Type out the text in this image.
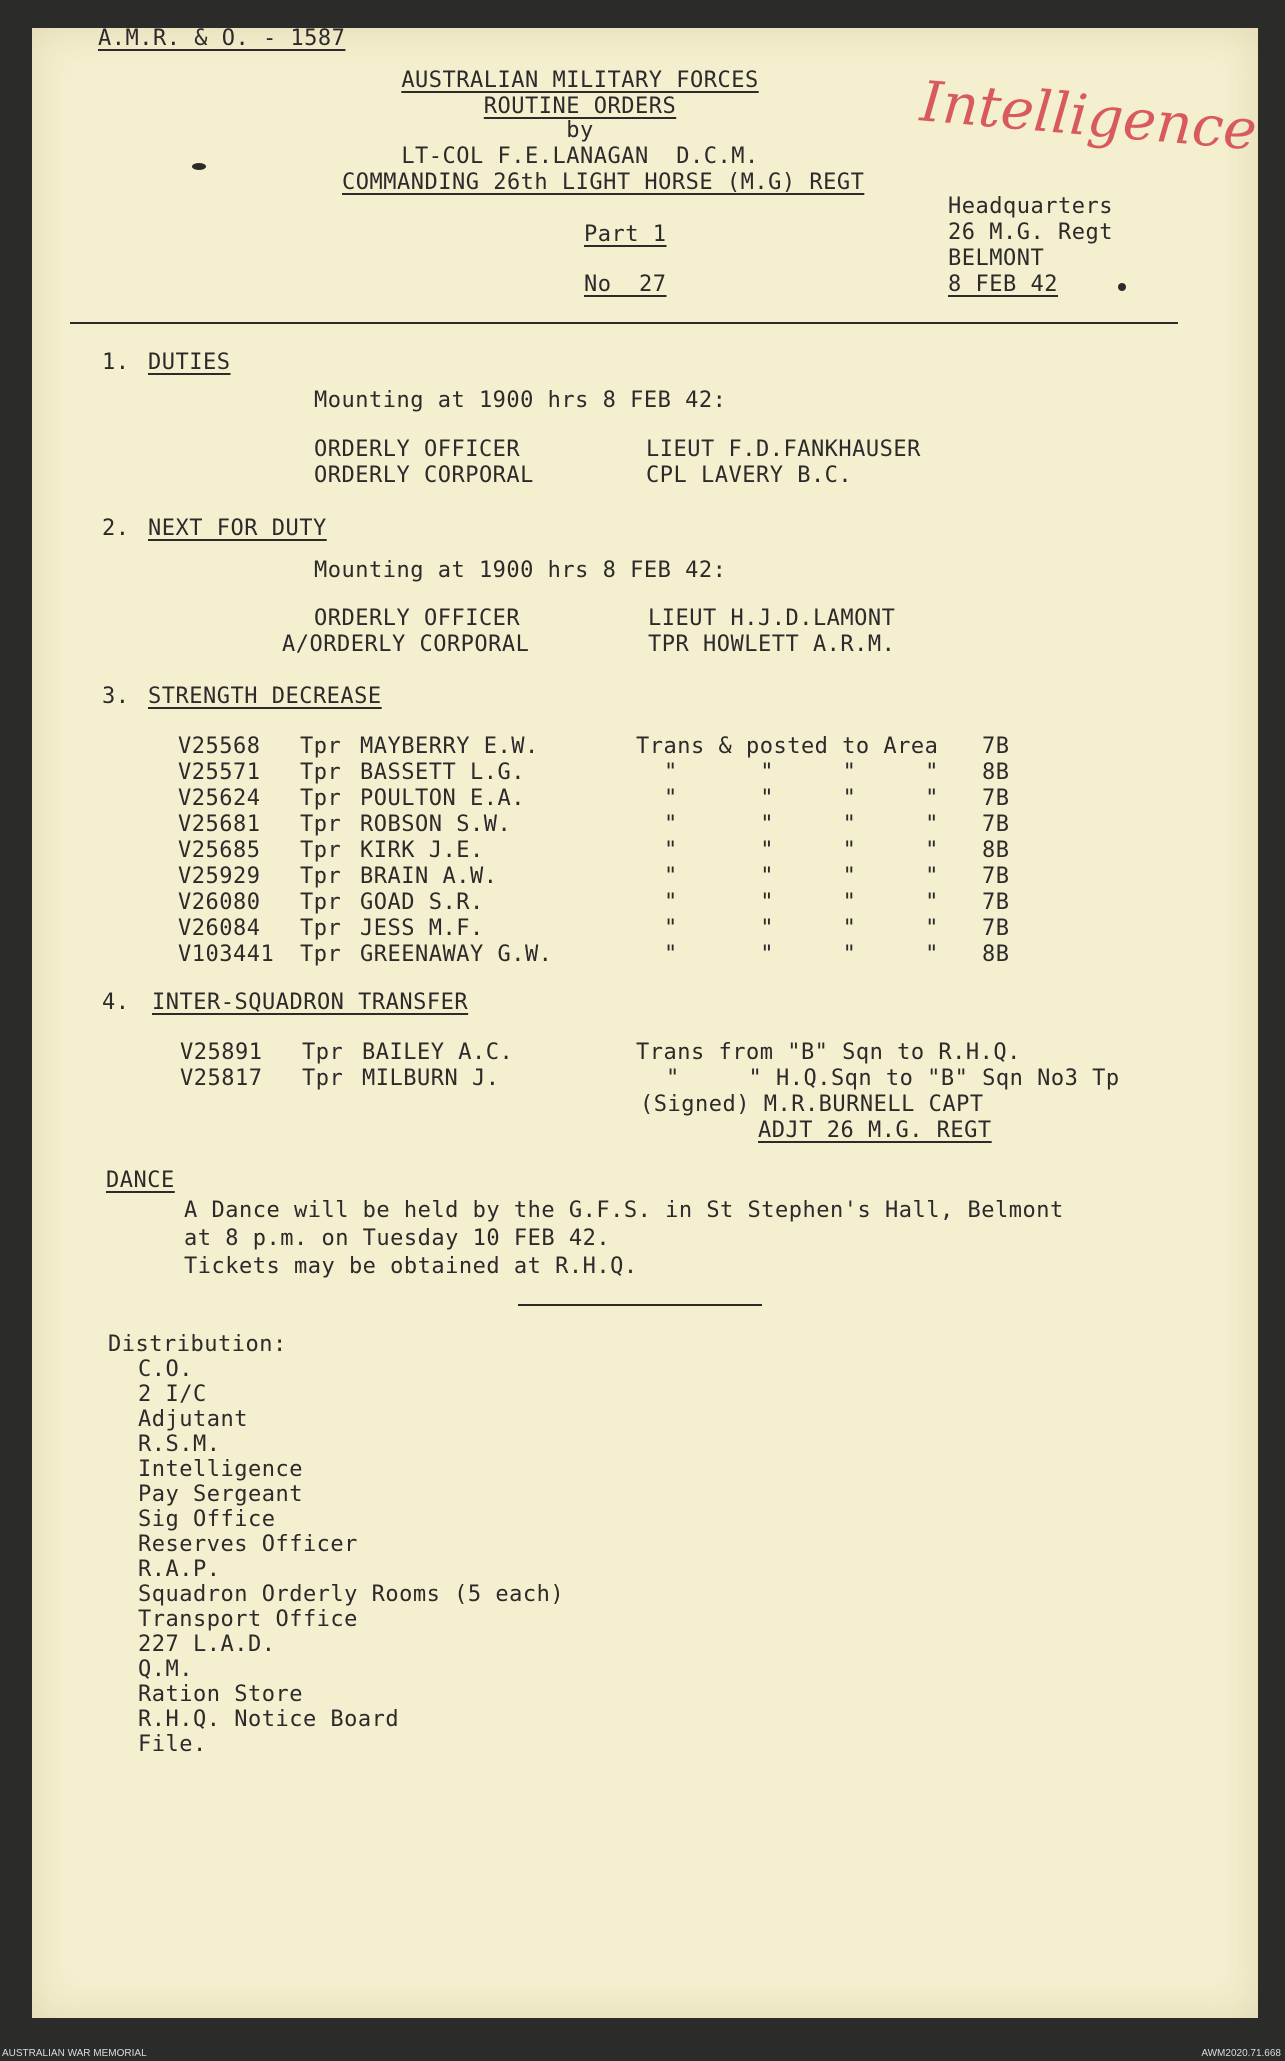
A.M.R. & O. - 1587
AUSTRALIAN MILITARY FORCES
ROUTINE ORDERS
by
LT-COL F.E.LANAGAN  D.C.M.
COMMANDING 26th LIGHT HORSE (M.G) REGT
Part 1
No  27
Headquarters
26 M.G. Regt
BELMONT
8 FEB 42
Intelligence
1. DUTIES
Mounting at 1900 hrs 8 FEB 42:
ORDERLY OFFICER	LIEUT F.D.FANKHAUSER
ORDERLY CORPORAL	CPL LAVERY B.C.
2. NEXT FOR DUTY
Mounting at 1900 hrs 8 FEB 42:
ORDERLY OFFICER	LIEUT H.J.D.LAMONT
A/ORDERLY CORPORAL	TPR HOWLETT A.R.M.
3. STRENGTH DECREASE
V25568 Tpr MAYBERRY E.W.	Trans & posted to Area 7B
V25571 Tpr BASSETT L.G.	"      "     "     " 8B
V25624 Tpr POULTON E.A.	"      "     "     " 7B
V25681 Tpr ROBSON S.W.	"      "     "     " 7B
V25685 Tpr KIRK J.E.	"      "     "     " 8B
V25929 Tpr BRAIN A.W.	"      "     "     " 7B
V26080 Tpr GOAD S.R.	"      "     "     " 7B
V26084 Tpr JESS M.F.	"      "     "     " 7B
V103441 Tpr GREENAWAY G.W.	"      "     "     " 8B
4. INTER-SQUADRON TRANSFER
V25891 Tpr BAILEY A.C.	Trans from "B" Sqn to R.H.Q.
V25817 Tpr MILBURN J.	"     " H.Q.Sqn to "B" Sqn No3 Tp
(Signed) M.R.BURNELL CAPT
ADJT 26 M.G. REGT
DANCE
A Dance will be held by the G.F.S. in St Stephen's Hall, Belmont
at 8 p.m. on Tuesday 10 FEB 42.
Tickets may be obtained at R.H.Q.
Distribution:
C.O.
2 I/C
Adjutant
R.S.M.
Intelligence
Pay Sergeant
Sig Office
Reserves Officer
R.A.P.
Squadron Orderly Rooms (5 each)
Transport Office
227 L.A.D.
Q.M.
Ration Store
R.H.Q. Notice Board
File.
AUSTRALIAN WAR MEMORIAL	AWM2020.71.668
